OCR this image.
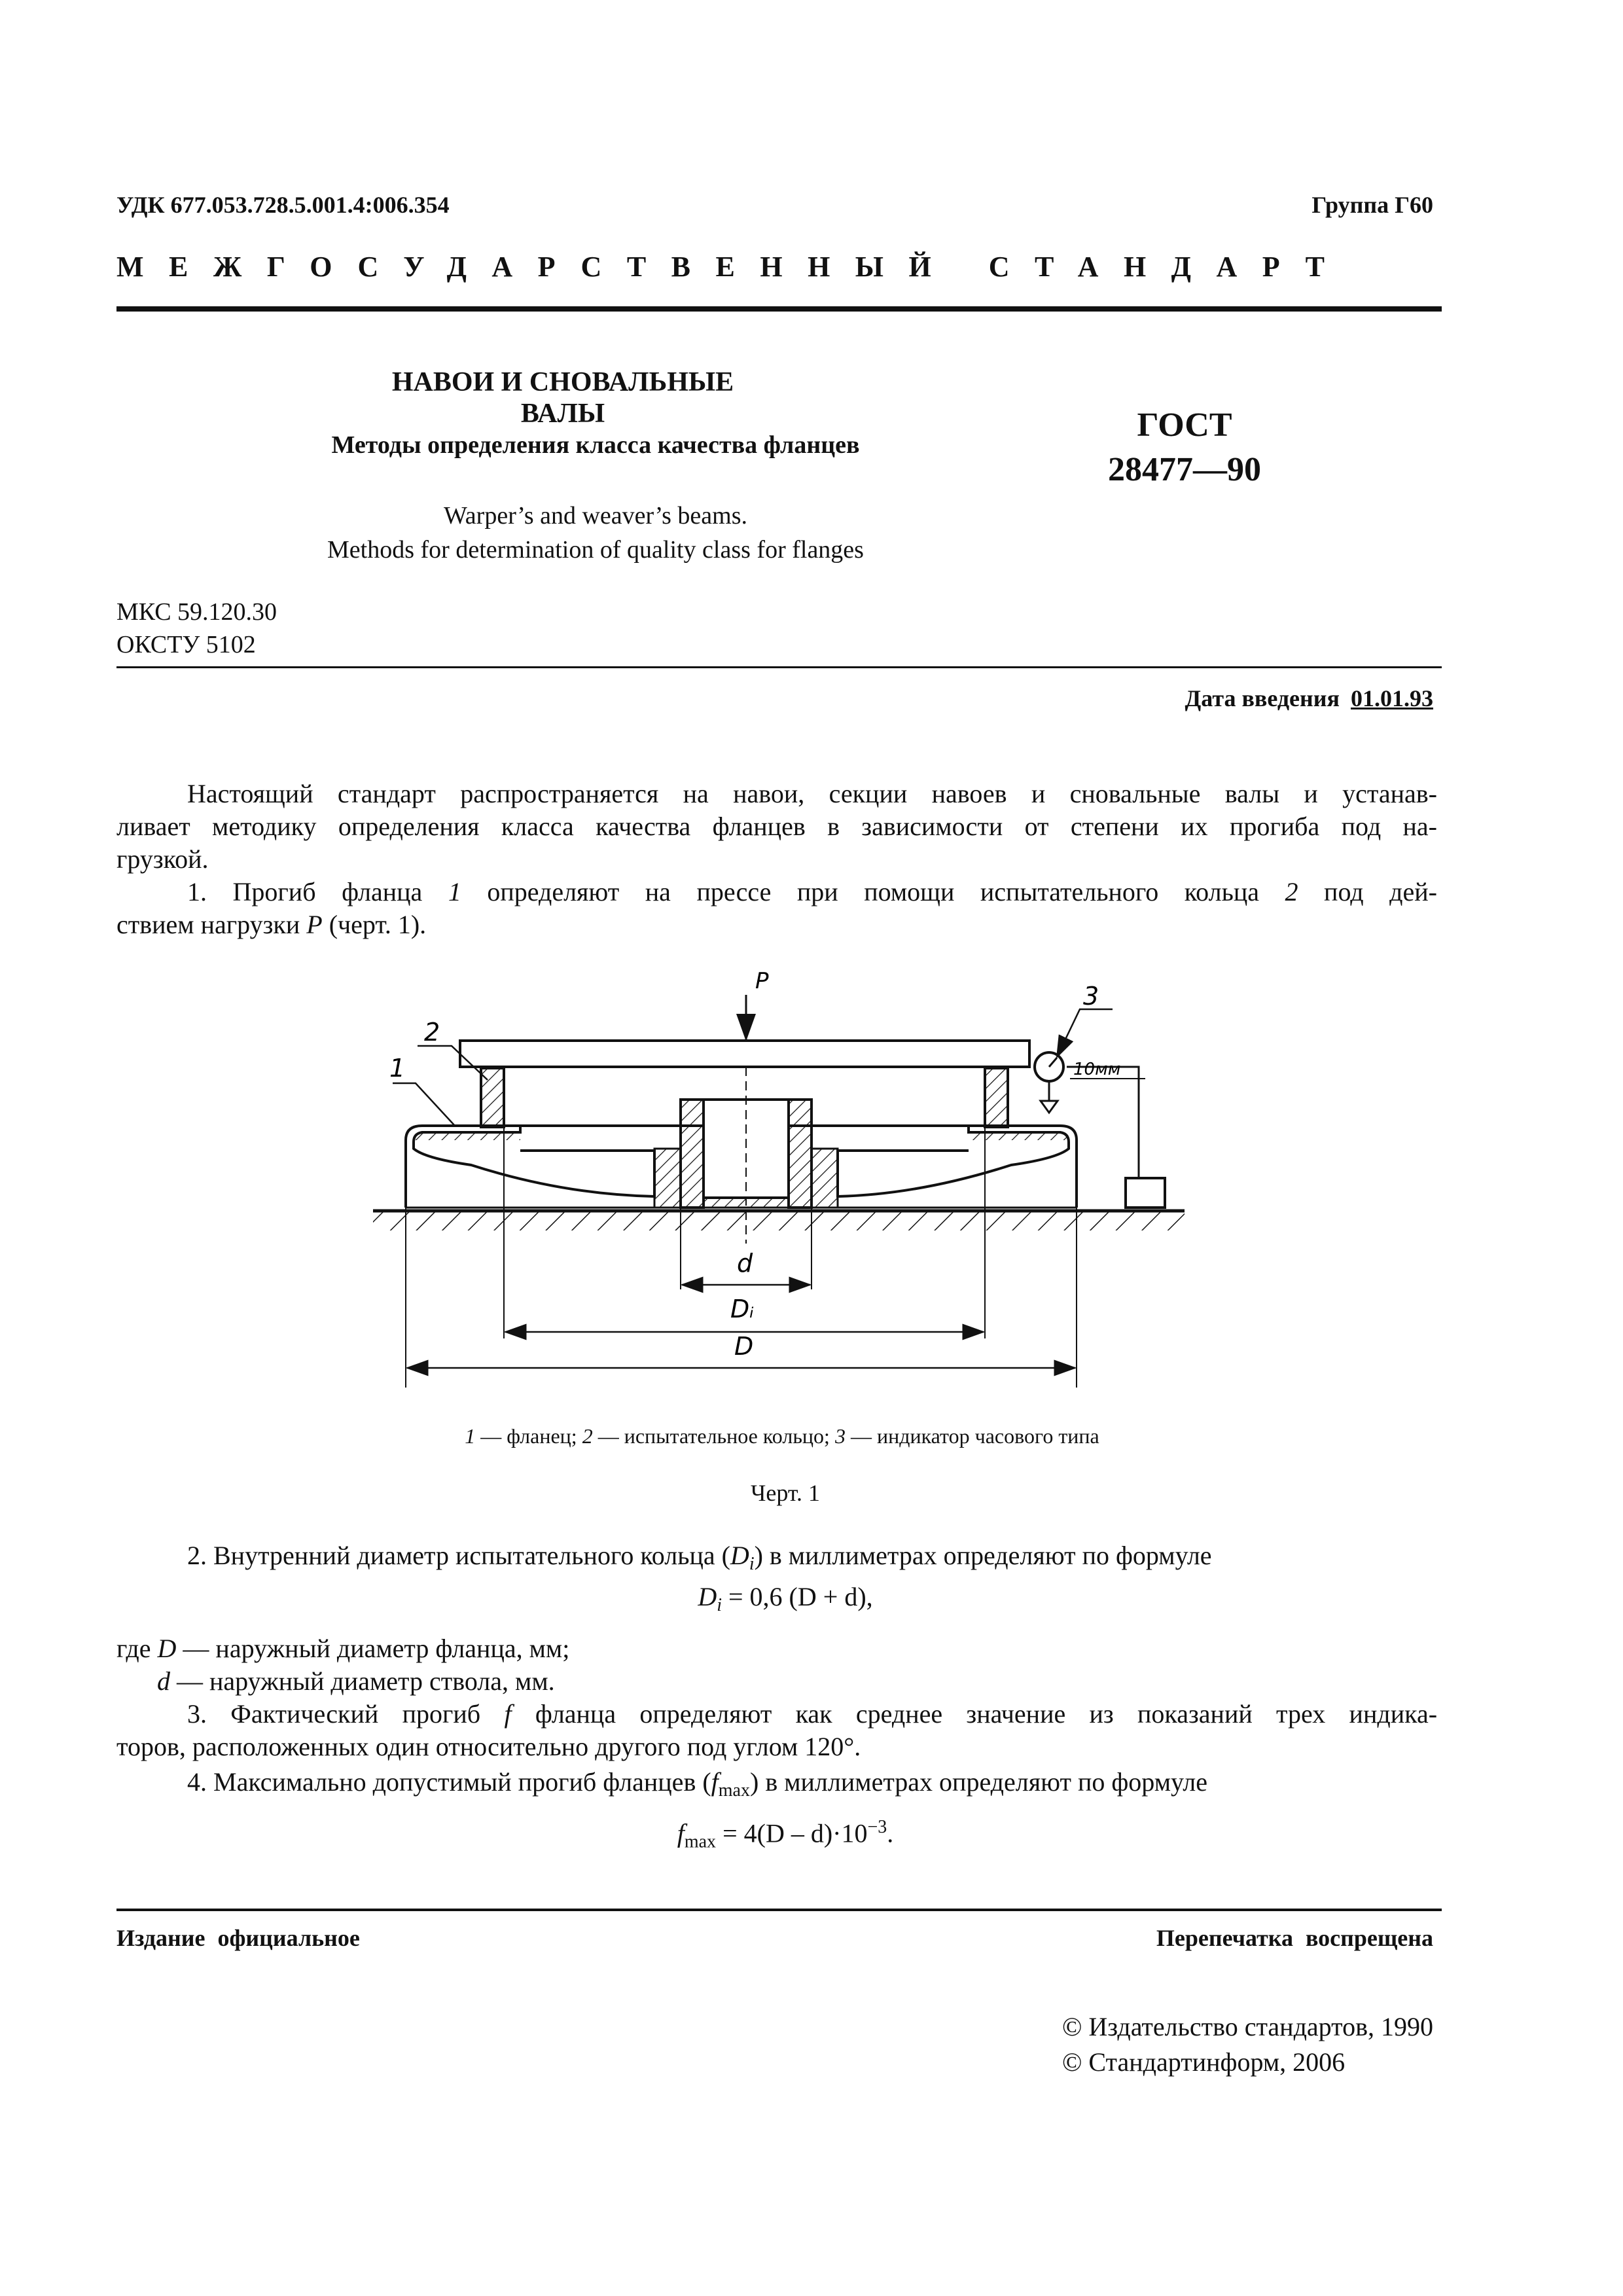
УДК 677.053.728.5.001.4:006.354	Группа Г60
МЕЖГОСУДАРСТВЕННЫЙ СТАНДАРТ
НАВОИ И СНОВАЛЬНЫЕ ВАЛЫ
Методы определения класса качества фланцев
Warper’s and weaver’s beams.
Methods for determination of quality class for flanges
ГОСТ
28477—90
МКС 59.120.30
ОКСТУ 5102
Дата введения 01.01.93
Настоящий стандарт распространяется на навои, секции навоев и сновальные валы и устанав-
ливает методику определения класса качества фланцев в зависимости от степени их прогиба под на-
грузкой.
1. Прогиб фланца 1 определяют на прессе при помощи испытательного кольца 2 под дей-
ствием нагрузки P (черт. 1).
P
10мм
1
2
3
d
Dᵢ
D
1 — фланец; 2 — испытательное кольцо; 3 — индикатор часового типа
Черт. 1
2. Внутренний диаметр испытательного кольца $(D_i)$ в миллиметрах определяют по формуле
$D_i = 0,6$ (D + d),
где D — наружный диаметр фланца, мм;
d — наружный диаметр ствола, мм.
3. Фактический прогиб f фланца определяют как среднее значение из показаний трех индика-
торов, расположенных один относительно другого под углом 120°.
4. Максимально допустимый прогиб фланцев $(f_{max})$ в миллиметрах определяют по формуле
$f_{max} = 4(D - d)\cdot 10^{-3}$.
Издание официальное	Перепечатка воспрещена
© Издательство стандартов, 1990
© Стандартинформ, 2006
